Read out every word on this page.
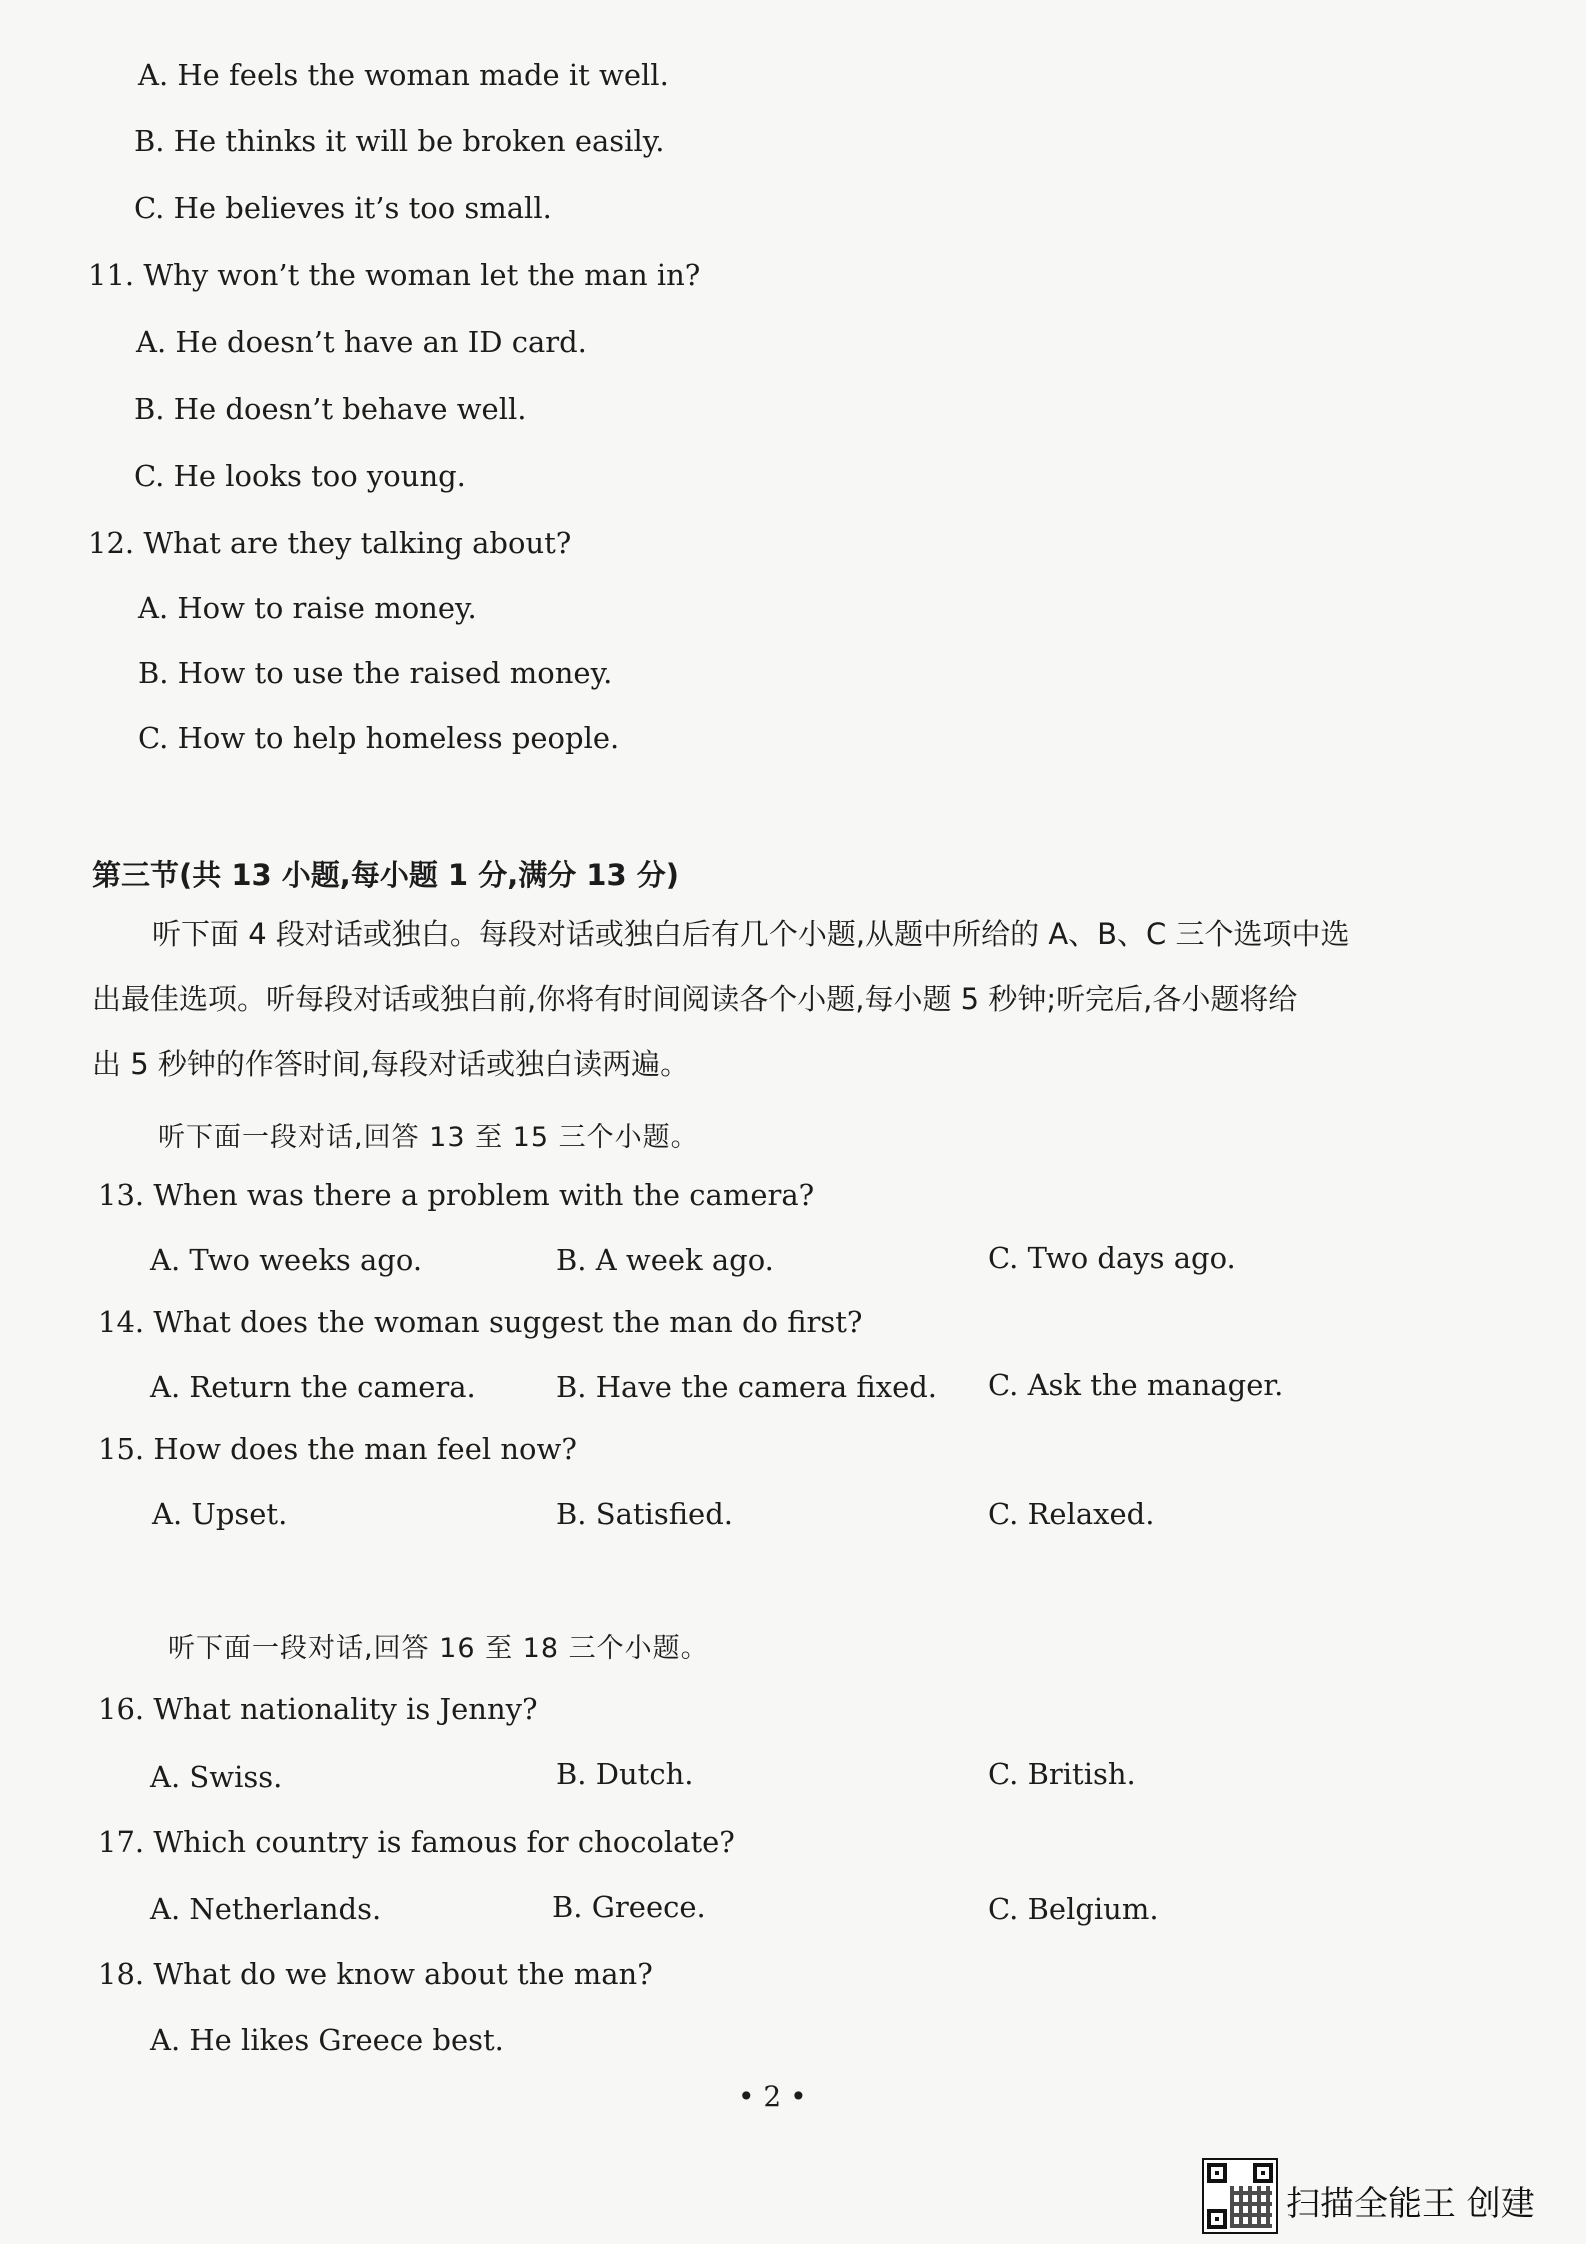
A. He feels the woman made it well.
B. He thinks it will be broken easily.
C. He believes it’s too small.
11. Why won’t the woman let the man in?
A. He doesn’t have an ID card.
B. He doesn’t behave well.
C. He looks too young.
12. What are they talking about?
A. How to raise money.
B. How to use the raised money.
C. How to help homeless people.
第三节(共 13 小题,每小题 1 分,满分 13 分)
听下面 4 段对话或独白。每段对话或独白后有几个小题,从题中所给的 A、B、C 三个选项中选
出最佳选项。听每段对话或独白前,你将有时间阅读各个小题,每小题 5 秒钟;听完后,各小题将给
出 5 秒钟的作答时间,每段对话或独白读两遍。
听下面一段对话,回答 13 至 15 三个小题。
13. When was there a problem with the camera?
A. Two weeks ago.	B. A week ago.	C. Two days ago.
14. What does the woman suggest the man do first?
A. Return the camera.	B. Have the camera fixed. C. Ask the manager.
15. How does the man feel now?
A. Upset.	B. Satisfied.	C. Relaxed.
听下面一段对话,回答 16 至 18 三个小题。
16. What nationality is Jenny?
A. Swiss.	B. Dutch.	C. British.
17. Which country is famous for chocolate?
A. Netherlands.	B. Greece.	C. Belgium.
18. What do we know about the man?
A. He likes Greece best.
• 2 •
扫描全能王 创建
